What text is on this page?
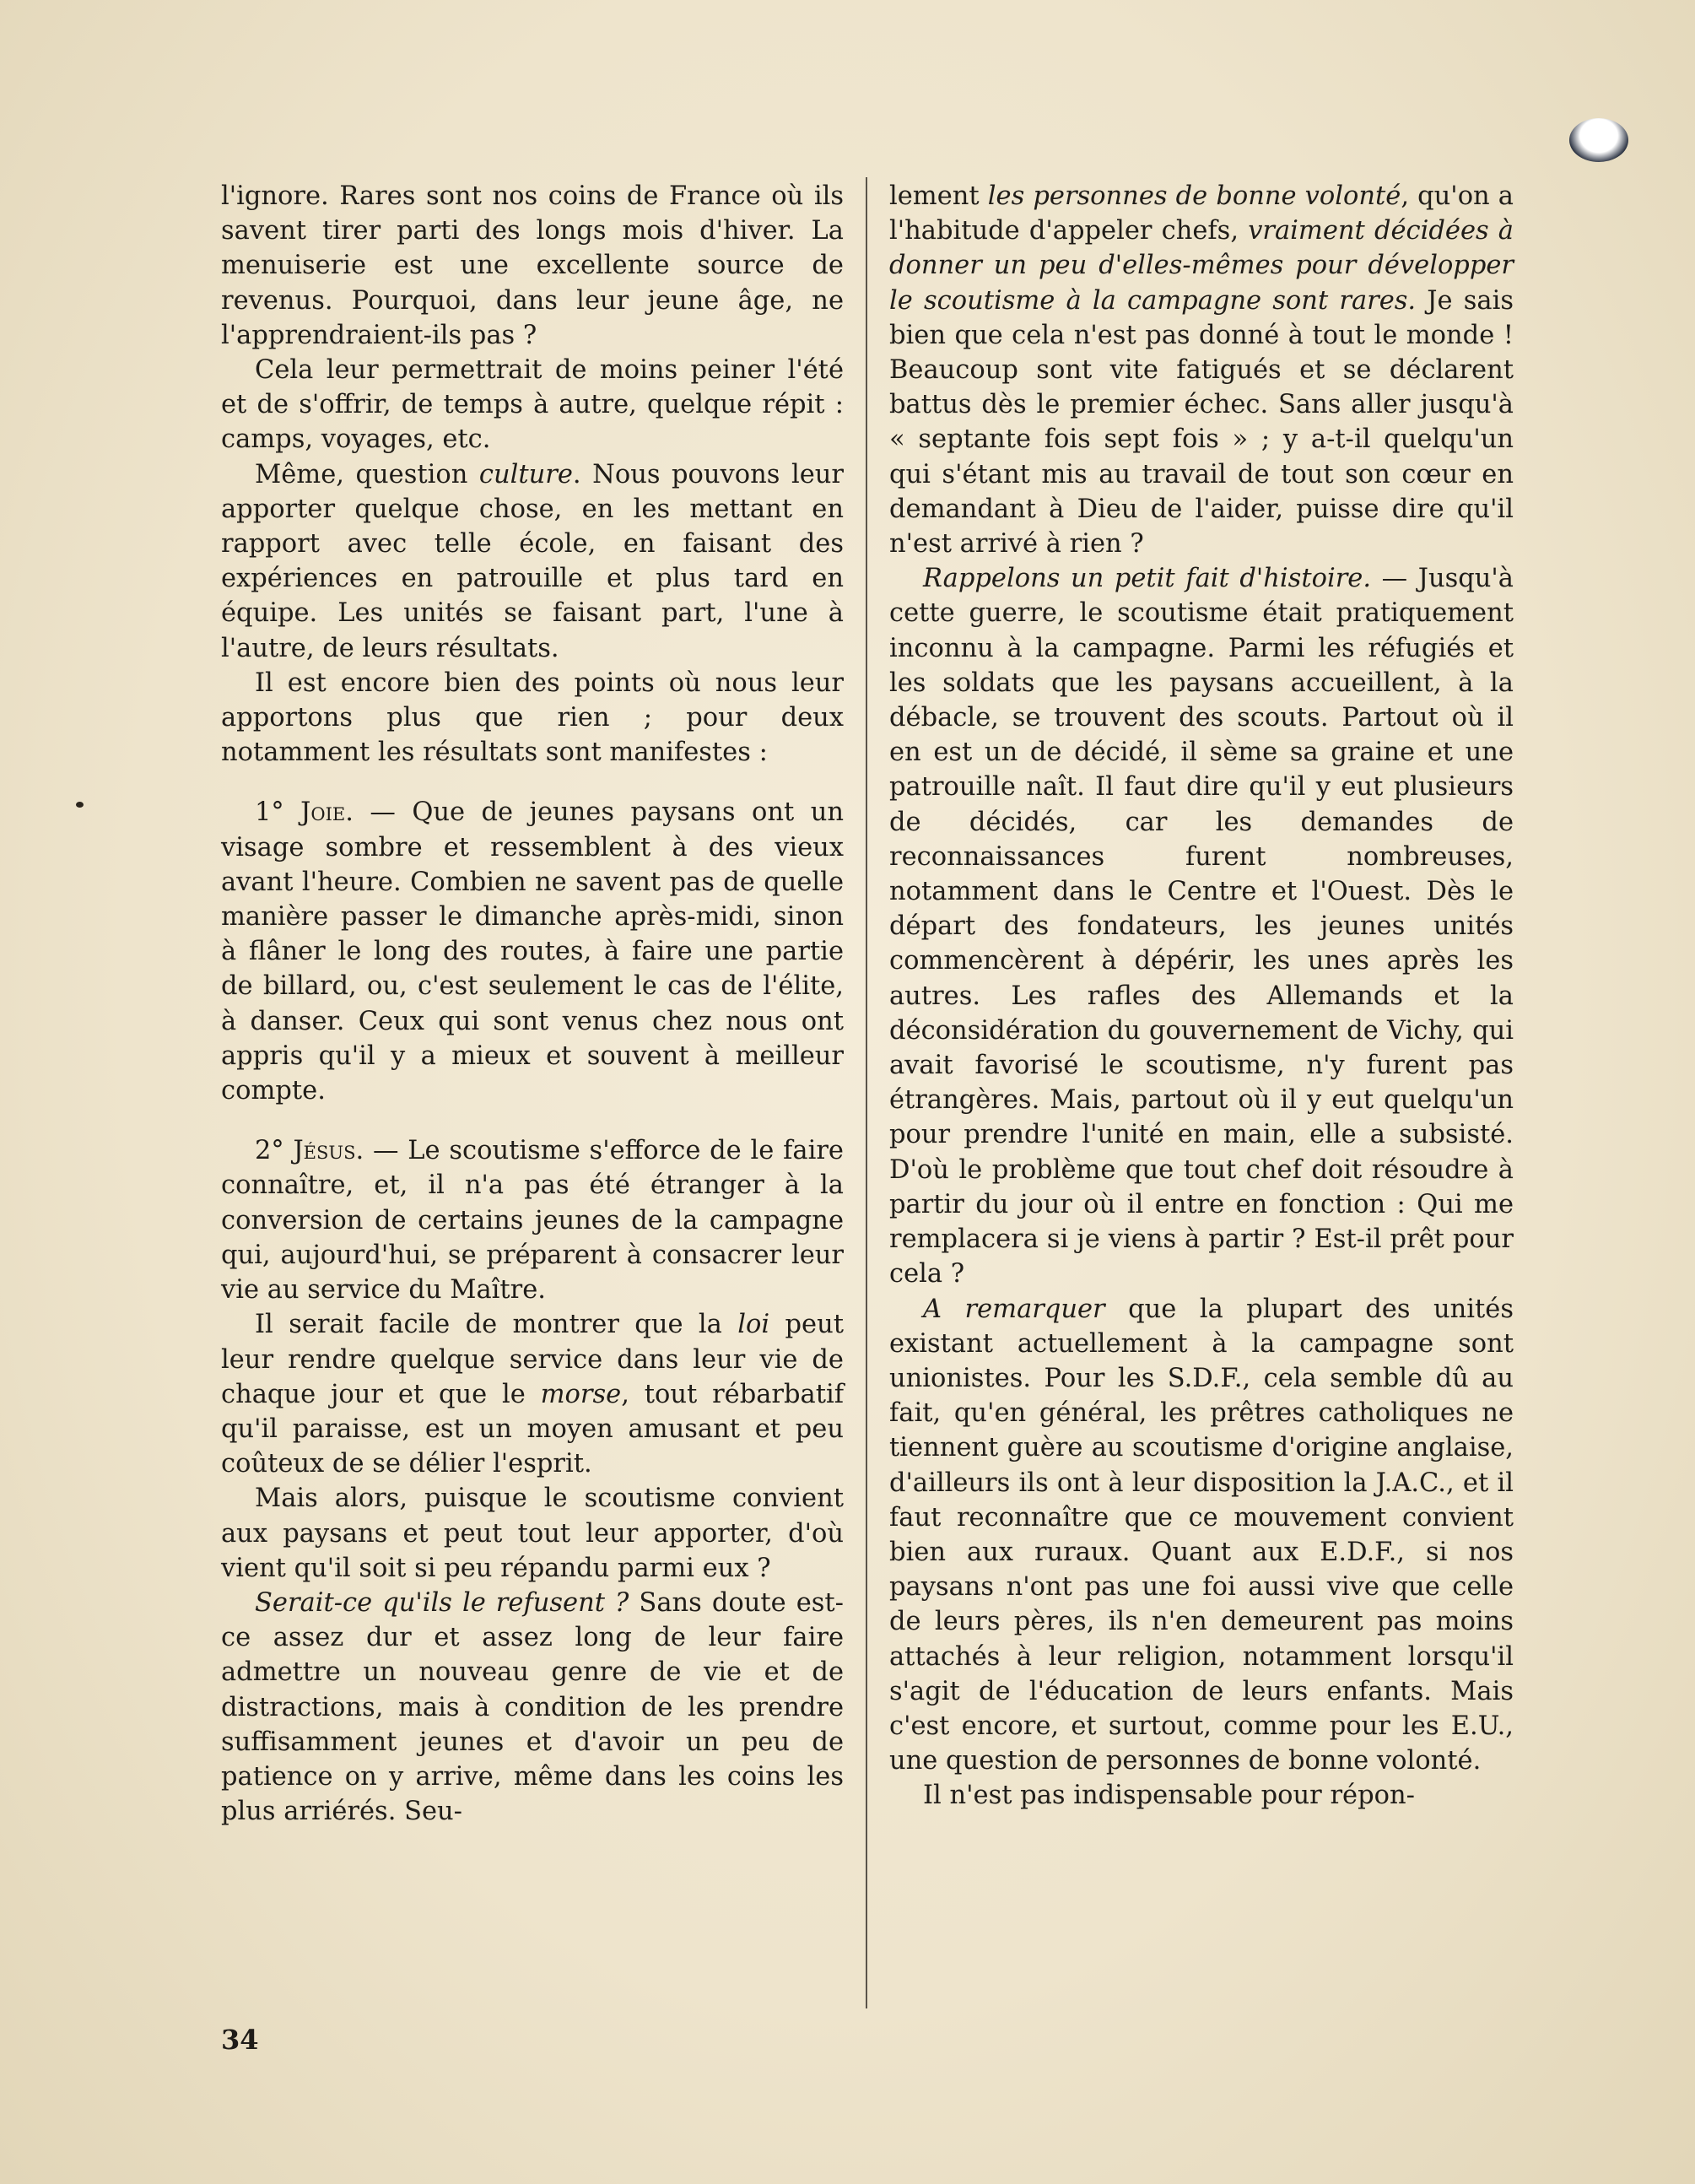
l'ignore. Rares sont nos coins de France où ils savent tirer parti des longs mois d'hiver. La menuiserie est une excellente source de revenus. Pourquoi, dans leur jeune âge, ne l'apprendraient-ils pas ?

Cela leur permettrait de moins peiner l'été et de s'offrir, de temps à autre, quelque répit : camps, voyages, etc.

Même, question culture. Nous pouvons leur apporter quelque chose, en les mettant en rapport avec telle école, en faisant des expériences en patrouille et plus tard en équipe. Les unités se faisant part, l'une à l'autre, de leurs résultats.

Il est encore bien des points où nous leur apportons plus que rien ; pour deux notamment les résultats sont manifestes :

1° Joie. — Que de jeunes paysans ont un visage sombre et ressemblent à des vieux avant l'heure. Combien ne savent pas de quelle manière passer le dimanche après-midi, sinon à flâner le long des routes, à faire une partie de billard, ou, c'est seulement le cas de l'élite, à danser. Ceux qui sont venus chez nous ont appris qu'il y a mieux et souvent à meilleur compte.

2° Jésus. — Le scoutisme s'efforce de le faire connaître, et, il n'a pas été étranger à la conversion de certains jeunes de la campagne qui, aujourd'hui, se préparent à consacrer leur vie au service du Maître.

Il serait facile de montrer que la loi peut leur rendre quelque service dans leur vie de chaque jour et que le morse, tout rébarbatif qu'il paraisse, est un moyen amusant et peu coûteux de se délier l'esprit.

Mais alors, puisque le scoutisme convient aux paysans et peut tout leur apporter, d'où vient qu'il soit si peu répandu parmi eux ?

Serait-ce qu'ils le refusent ? Sans doute est-ce assez dur et assez long de leur faire admettre un nouveau genre de vie et de distractions, mais à condition de les prendre suffisamment jeunes et d'avoir un peu de patience on y arrive, même dans les coins les plus arriérés. Seu-

lement les personnes de bonne volonté, qu'on a l'habitude d'appeler chefs, vraiment décidées à donner un peu d'elles-mêmes pour développer le scoutisme à la campagne sont rares. Je sais bien que cela n'est pas donné à tout le monde ! Beaucoup sont vite fatigués et se déclarent battus dès le premier échec. Sans aller jusqu'à « septante fois sept fois » ; y a-t-il quelqu'un qui s'étant mis au travail de tout son cœur en demandant à Dieu de l'aider, puisse dire qu'il n'est arrivé à rien ?

Rappelons un petit fait d'histoire. — Jusqu'à cette guerre, le scoutisme était pratiquement inconnu à la campagne. Parmi les réfugiés et les soldats que les paysans accueillent, à la débacle, se trouvent des scouts. Partout où il en est un de décidé, il sème sa graine et une patrouille naît. Il faut dire qu'il y eut plusieurs de décidés, car les demandes de reconnaissances furent nombreuses, notamment dans le Centre et l'Ouest. Dès le départ des fondateurs, les jeunes unités commencèrent à dépérir, les unes après les autres. Les rafles des Allemands et la déconsidération du gouvernement de Vichy, qui avait favorisé le scoutisme, n'y furent pas étrangères. Mais, partout où il y eut quelqu'un pour prendre l'unité en main, elle a subsisté. D'où le problème que tout chef doit résoudre à partir du jour où il entre en fonction : Qui me remplacera si je viens à partir ? Est-il prêt pour cela ?

A remarquer que la plupart des unités existant actuellement à la campagne sont unionistes. Pour les S.D.F., cela semble dû au fait, qu'en général, les prêtres catholiques ne tiennent guère au scoutisme d'origine anglaise, d'ailleurs ils ont à leur disposition la J.A.C., et il faut reconnaître que ce mouvement convient bien aux ruraux. Quant aux E.D.F., si nos paysans n'ont pas une foi aussi vive que celle de leurs pères, ils n'en demeurent pas moins attachés à leur religion, notamment lorsqu'il s'agit de l'éducation de leurs enfants. Mais c'est encore, et surtout, comme pour les E.U., une question de personnes de bonne volonté.

Il n'est pas indispensable pour répon-

34
